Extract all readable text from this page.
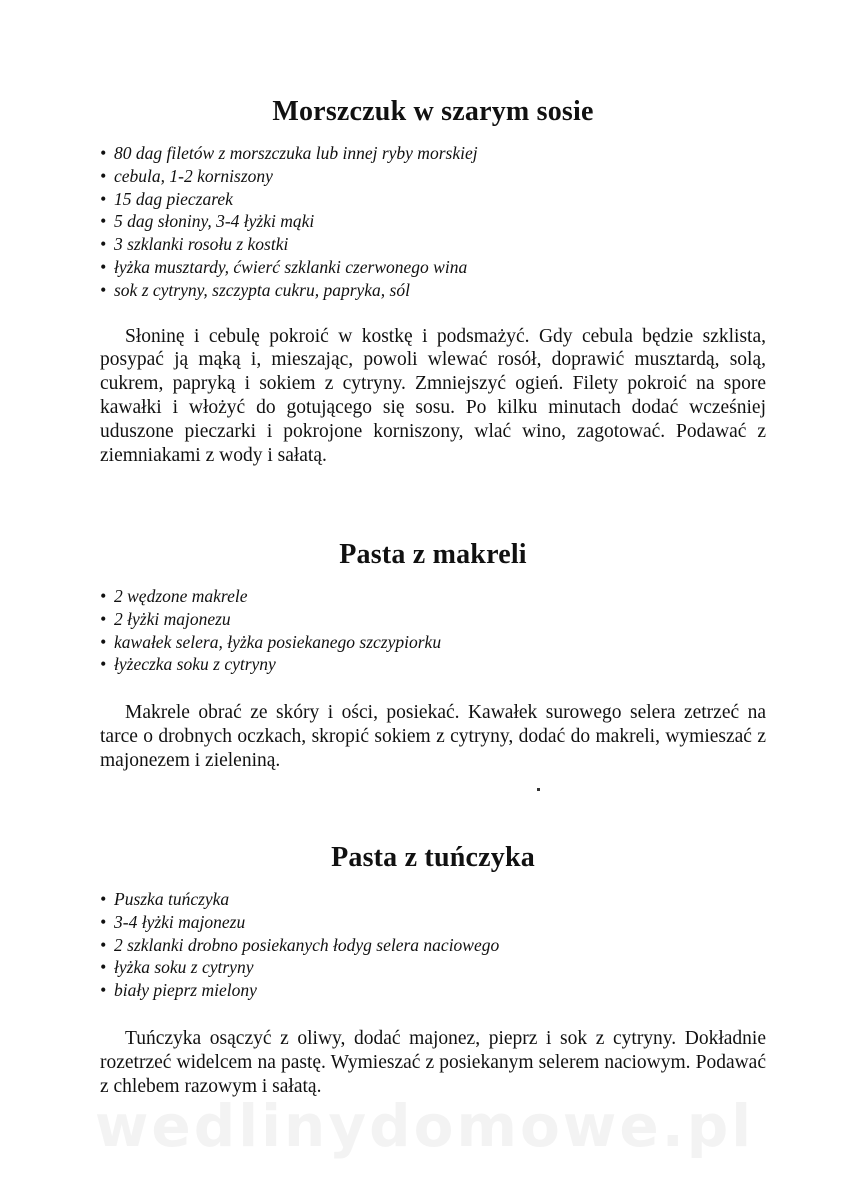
Morszczuk w szarym sosie
• 80 dag filetów z morszczuka lub innej ryby morskiej
• cebula, 1-2 korniszony
• 15 dag pieczarek
• 5 dag słoniny, 3-4 łyżki mąki
• 3 szklanki rosołu z kostki
• łyżka musztardy, ćwierć szklanki czerwonego wina
• sok z cytryny, szczypta cukru, papryka, sól

Słoninę i cebulę pokroić w kostkę i podsmażyć. Gdy cebula będzie szklista, posypać ją mąką i, mieszając, powoli wlewać rosół, doprawić musztardą, solą, cukrem, papryką i sokiem z cytryny. Zmniejszyć ogień. Filety pokroić na spore kawałki i włożyć do gotującego się sosu. Po kilku minutach dodać wcześniej uduszone pieczarki i pokrojone korniszony, wlać wino, zagotować. Podawać z ziemniakami z wody i sałatą.

Pasta z makreli
• 2 wędzone makrele
• 2 łyżki majonezu
• kawałek selera, łyżka posiekanego szczypiorku
• łyżeczka soku z cytryny

Makrele obrać ze skóry i ości, posiekać. Kawałek surowego selera zetrzeć na tarce o drobnych oczkach, skropić sokiem z cytryny, dodać do makreli, wymieszać z majonezem i zieleniną.

Pasta z tuńczyka
• Puszka tuńczyka
• 3-4 łyżki majonezu
• 2 szklanki drobno posiekanych łodyg selera naciowego
• łyżka soku z cytryny
• biały pieprz mielony

Tuńczyka osączyć z oliwy, dodać majonez, pieprz i sok z cytryny. Dokładnie rozetrzeć widelcem na pastę. Wymieszać z posiekanym selerem naciowym. Podawać z chlebem razowym i sałatą.

wedlinydomowe.pl
